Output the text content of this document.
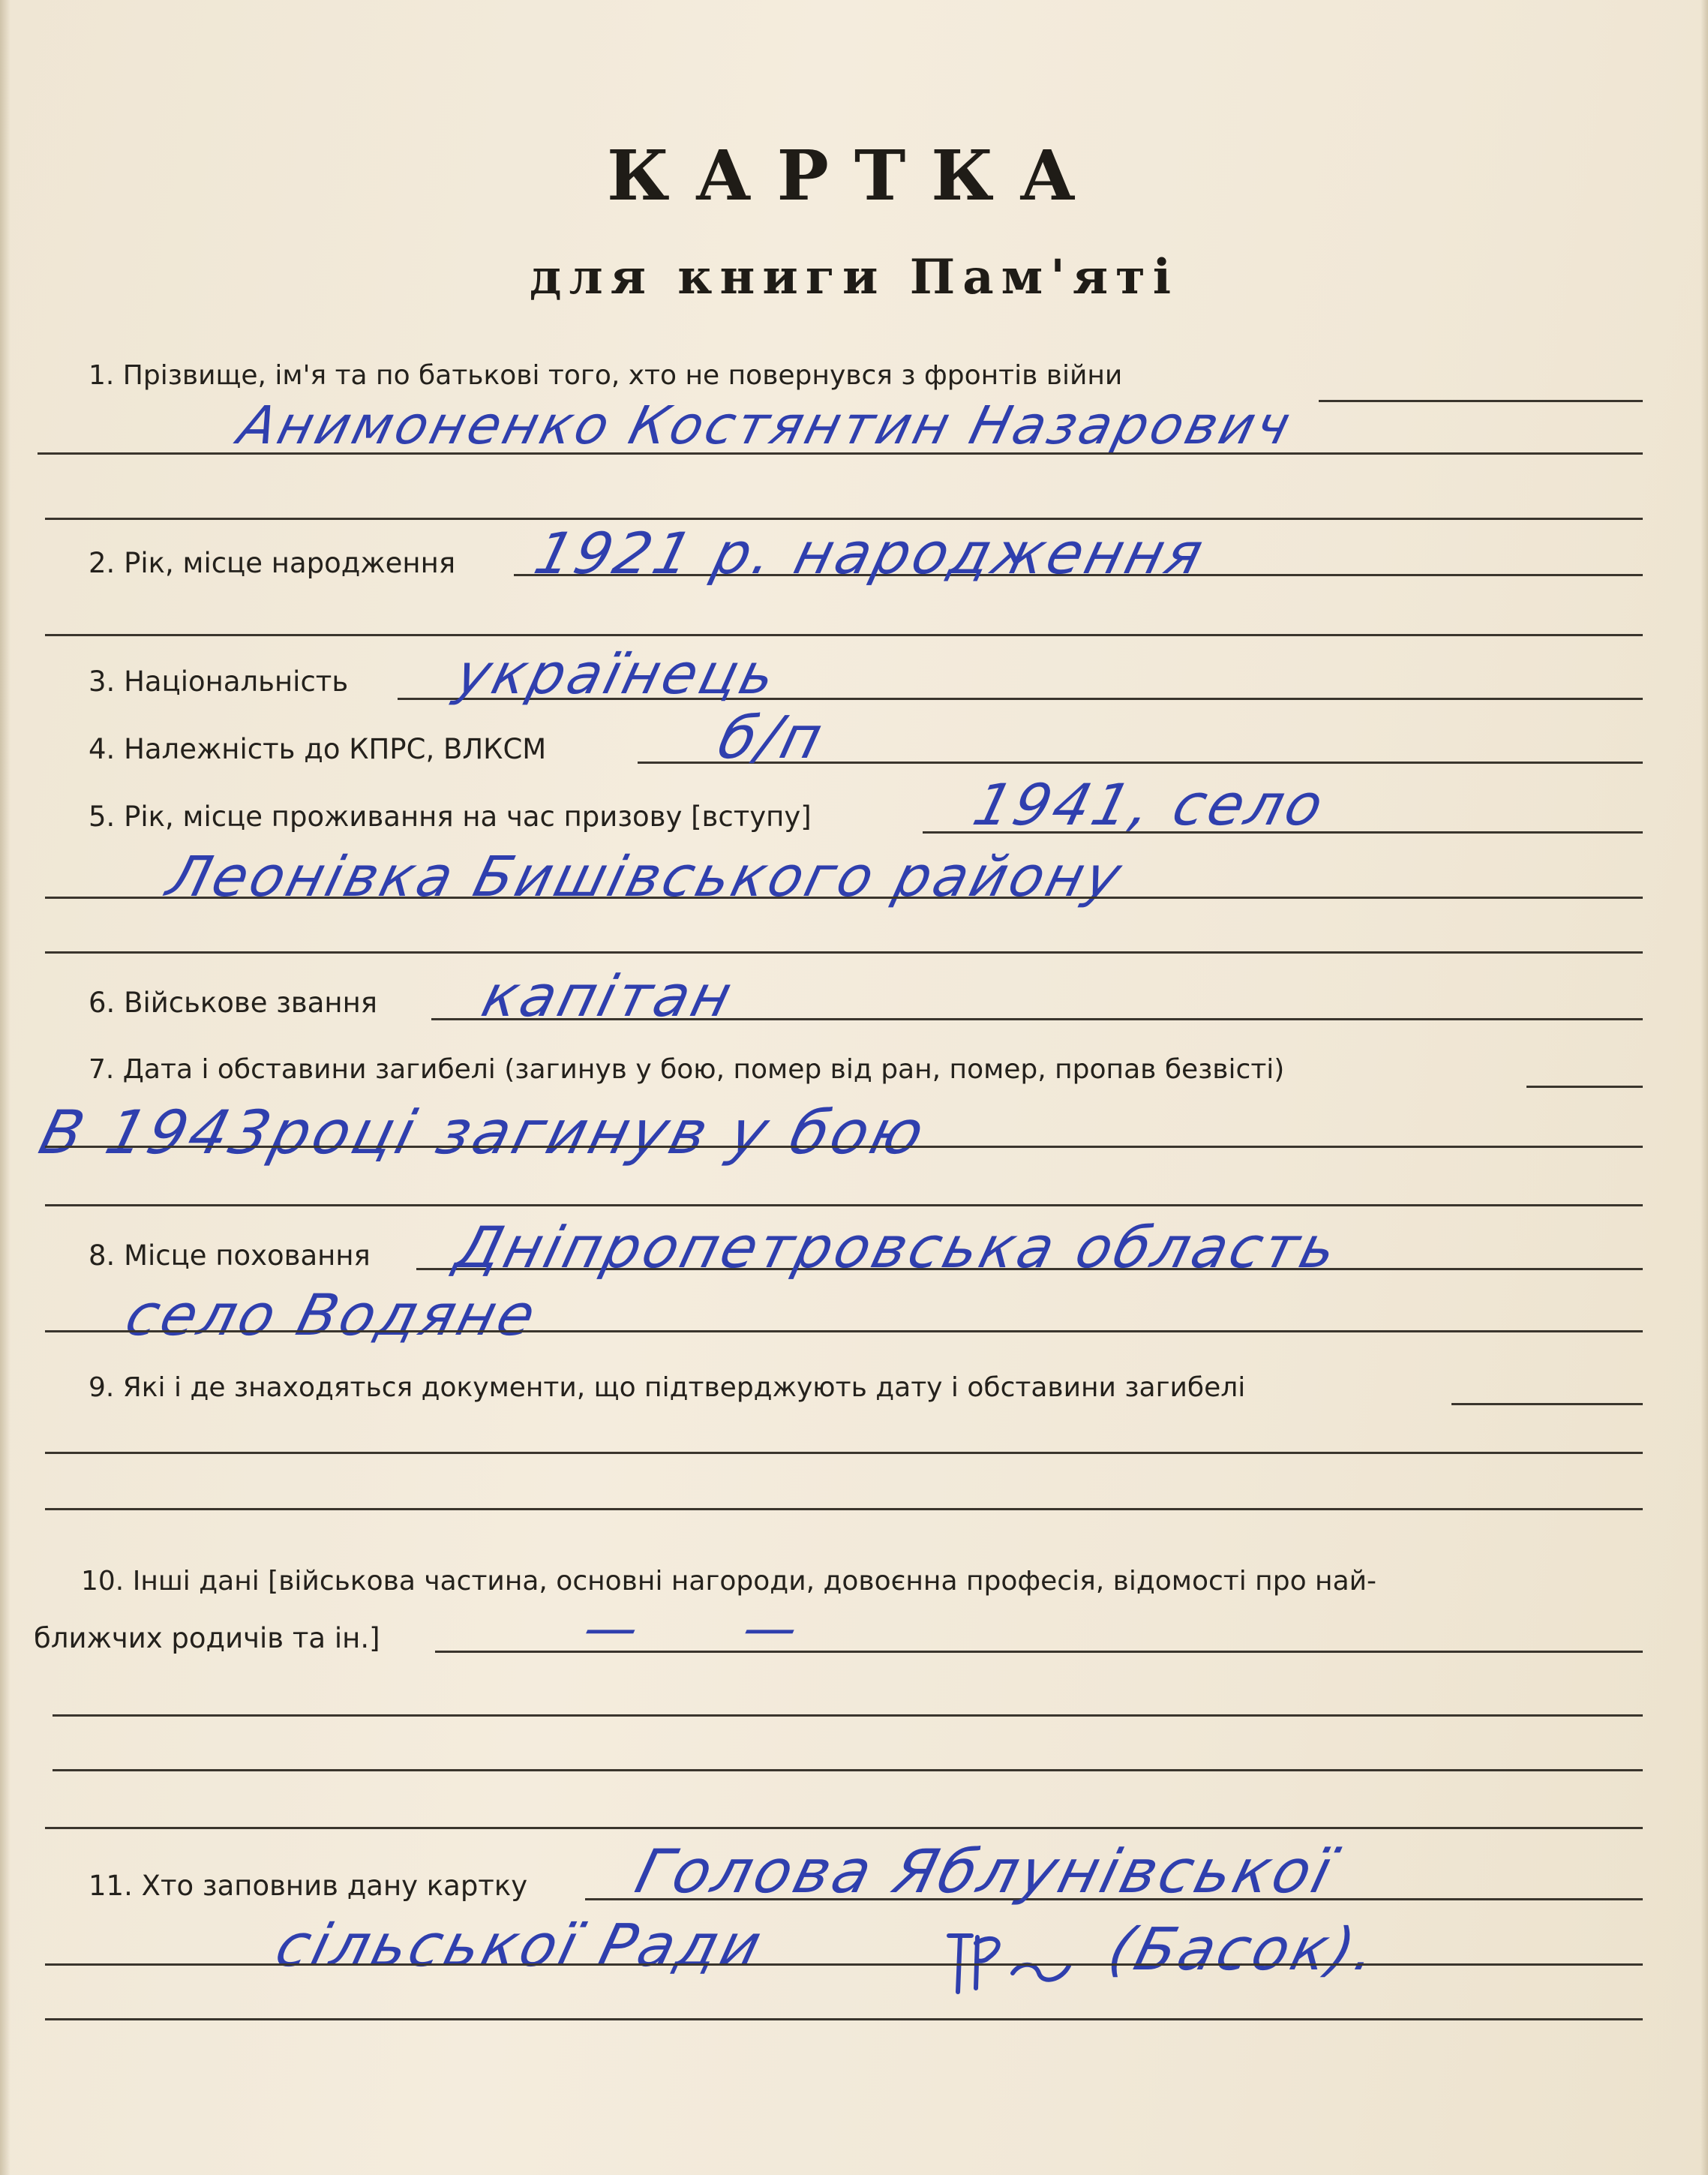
КАРТКА
для книги Пам'яті
1. Прізвище, ім'я та по батькові того, хто не повернувся з фронтів війни
Анимоненко Костянтин Назарович
2. Рік, місце народження 1921 р. народження
3. Національність українець
4. Належність до КПРС, ВЛКСМ	б/п
5. Рік, місце проживання на час призову [вступу]	1941, село
Леонівка Бишівського району
6. Військове звання капітан
7. Дата і обставини загибелі (загинув у бою, помер від ран, помер, пропав безвісті)
В 1943році загинув у бою
8. Місце поховання Дніпропетровська область
село Водяне
9. Які і де знаходяться документи, що підтверджують дату і обставини загибелі
10. Інші дані [військова частина, основні нагороди, довоєнна професія, відомості про най-
ближчих родичів та ін.]	— —
11. Хто заповнив дану картку Голова Яблунівської
сільської Ради	(Басок).
